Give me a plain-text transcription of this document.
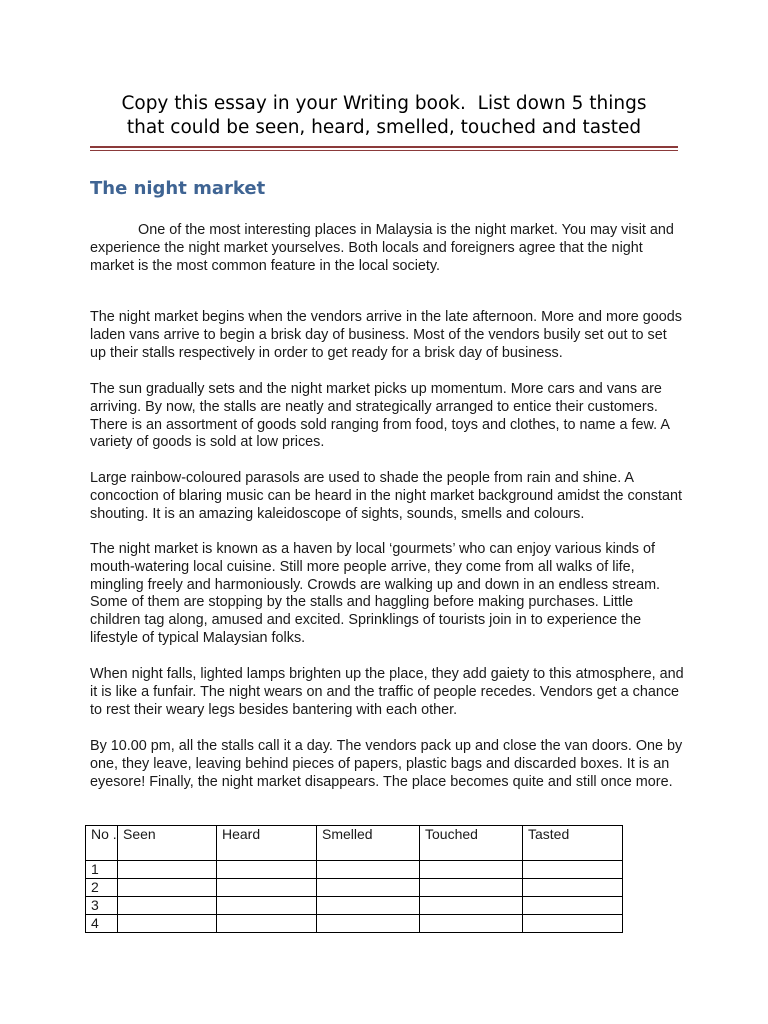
Copy this essay in your Writing book.  List down 5 things
that could be seen, heard, smelled, touched and tasted
The night market

One of the most interesting places in Malaysia is the night market. You may visit and experience the night market yourselves. Both locals and foreigners agree that the night market is the most common feature in the local society.

The night market begins when the vendors arrive in the late afternoon. More and more goods laden vans arrive to begin a brisk day of business. Most of the vendors busily set out to set up their stalls respectively in order to get ready for a brisk day of business.

The sun gradually sets and the night market picks up momentum. More cars and vans are arriving. By now, the stalls are neatly and strategically arranged to entice their customers. There is an assortment of goods sold ranging from food, toys and clothes, to name a few. A variety of goods is sold at low prices.

Large rainbow-coloured parasols are used to shade the people from rain and shine. A concoction of blaring music can be heard in the night market background amidst the constant shouting. It is an amazing kaleidoscope of sights, sounds, smells and colours.

The night market is known as a haven by local ‘gourmets’ who can enjoy various kinds of mouth-watering local cuisine. Still more people arrive, they come from all walks of life, mingling freely and harmoniously. Crowds are walking up and down in an endless stream. Some of them are stopping by the stalls and haggling before making purchases. Little children tag along, amused and excited. Sprinklings of tourists join in to experience the lifestyle of typical Malaysian folks.

When night falls, lighted lamps brighten up the place, they add gaiety to this atmosphere, and it is like a funfair. The night wears on and the traffic of people recedes. Vendors get a chance to rest their weary legs besides bantering with each other.

By 10.00 pm, all the stalls call it a day. The vendors pack up and close the van doors. One by one, they leave, leaving behind pieces of papers, plastic bags and discarded boxes. It is an eyesore! Finally, the night market disappears. The place becomes quite and still once more.

No .	Seen	Heard	Smelled	Touched	Tasted
1					
2					
3					
4					
